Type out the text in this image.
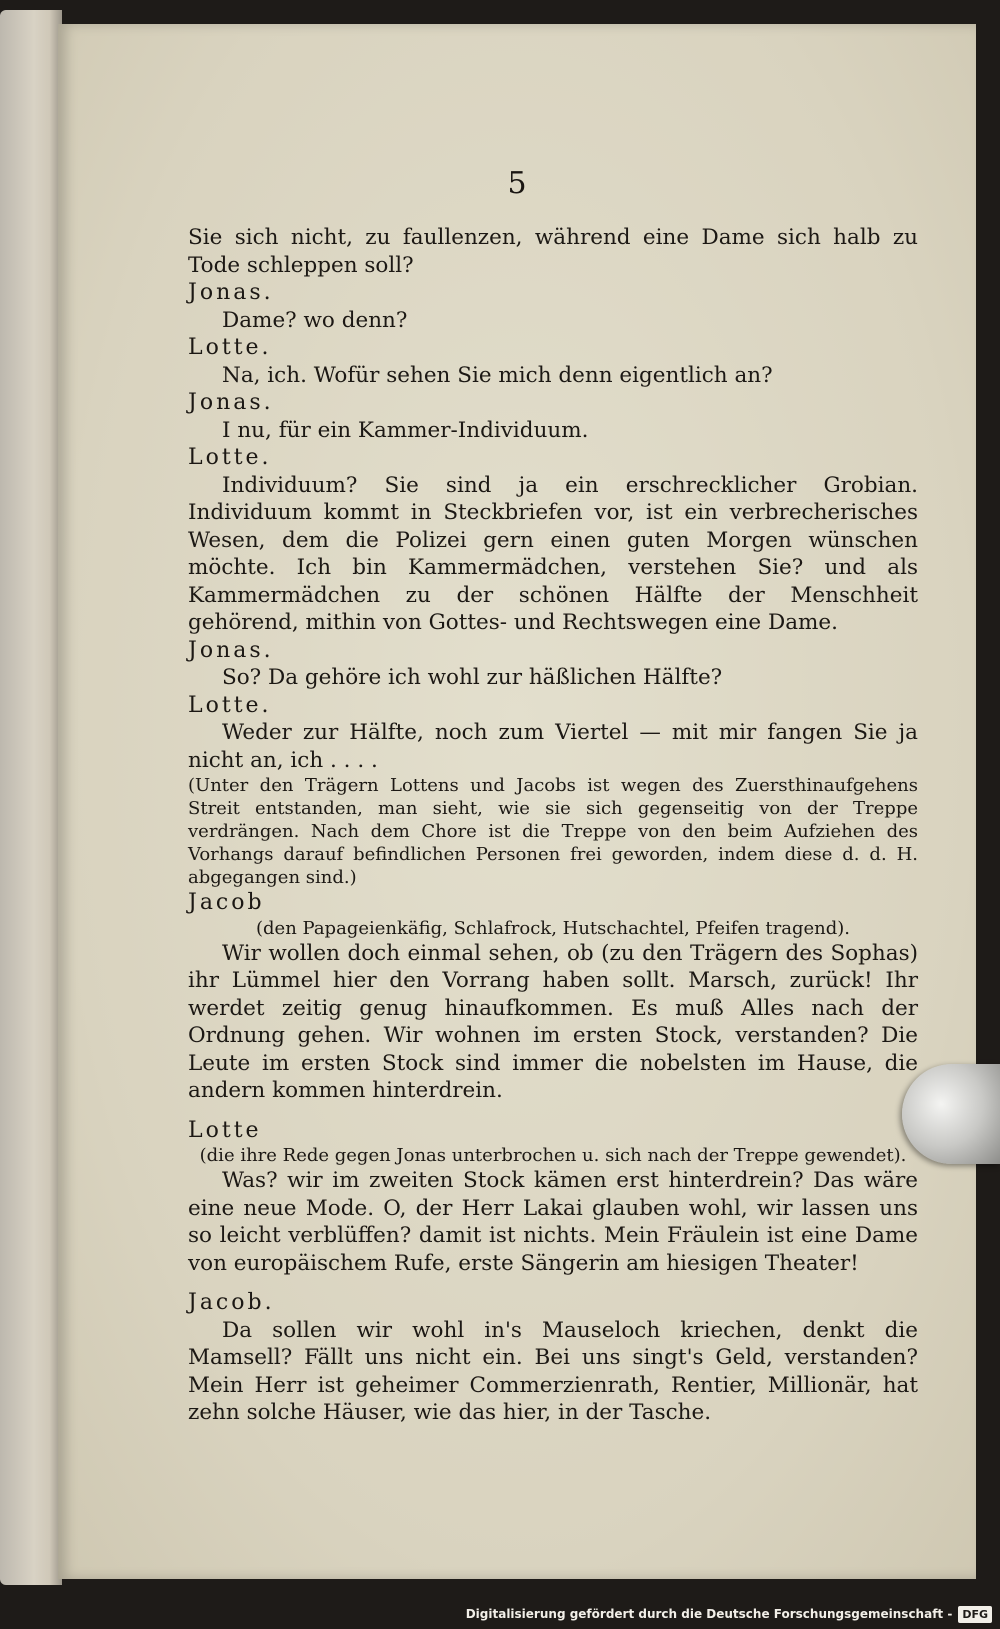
5

Sie sich nicht, zu faullenzen, während eine Dame sich halb zu Tode schleppen soll?

Jonas.

Dame? wo denn?

Lotte.

Na, ich. Wofür sehen Sie mich denn eigentlich an?

Jonas.

I nu, für ein Kammer-Individuum.

Lotte.

Individuum? Sie sind ja ein erschrecklicher Grobian. Individuum kommt in Steckbriefen vor, ist ein verbrecherisches Wesen, dem die Polizei gern einen guten Morgen wünschen möchte. Ich bin Kammermädchen, verstehen Sie? und als Kammermädchen zu der schönen Hälfte der Menschheit gehörend, mithin von Gottes- und Rechtswegen eine Dame.

Jonas.

So? Da gehöre ich wohl zur häßlichen Hälfte?

Lotte.

Weder zur Hälfte, noch zum Viertel — mit mir fangen Sie ja nicht an, ich . . . .

(Unter den Trägern Lottens und Jacobs ist wegen des Zuersthinaufgehens Streit entstanden, man sieht, wie sie sich gegenseitig von der Treppe verdrängen. Nach dem Chore ist die Treppe von den beim Aufziehen des Vorhangs darauf befindlichen Personen frei geworden, indem diese d. d. H. abgegangen sind.)

Jacob

(den Papageienkäfig, Schlafrock, Hutschachtel, Pfeifen tragend).

Wir wollen doch einmal sehen, ob (zu den Trägern des Sophas) ihr Lümmel hier den Vorrang haben sollt. Marsch, zurück! Ihr werdet zeitig genug hinaufkommen. Es muß Alles nach der Ordnung gehen. Wir wohnen im ersten Stock, verstanden? Die Leute im ersten Stock sind immer die nobelsten im Hause, die andern kommen hinterdrein.

Lotte

(die ihre Rede gegen Jonas unterbrochen u. sich nach der Treppe gewendet).

Was? wir im zweiten Stock kämen erst hinterdrein? Das wäre eine neue Mode. O, der Herr Lakai glauben wohl, wir lassen uns so leicht verblüffen? damit ist nichts. Mein Fräulein ist eine Dame von europäischem Rufe, erste Sängerin am hiesigen Theater!

Jacob.

Da sollen wir wohl in's Mauseloch kriechen, denkt die Mamsell? Fällt uns nicht ein. Bei uns singt's Geld, verstanden? Mein Herr ist geheimer Commerzienrath, Rentier, Millionär, hat zehn solche Häuser, wie das hier, in der Tasche.

Digitalisierung gefördert durch die Deutsche Forschungsgemeinschaft - DFG
